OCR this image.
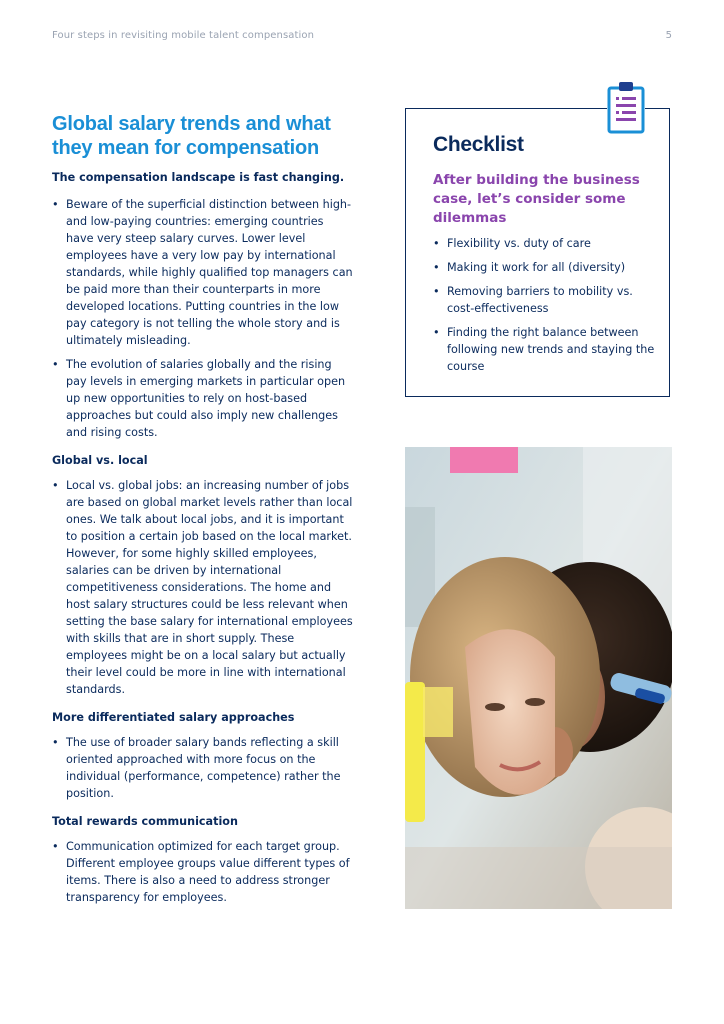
Four steps in revisiting mobile talent compensation	5
Global salary trends and what they mean for compensation
The compensation landscape is fast changing.
• Beware of the superficial distinction between high- and low-paying countries: emerging countries have very steep salary curves. Lower level employees have a very low pay by international standards, while highly qualified top managers can be paid more than their counterparts in more developed locations. Putting countries in the low pay category is not telling the whole story and is ultimately misleading.
• The evolution of salaries globally and the rising pay levels in emerging markets in particular open up new opportunities to rely on host-based approaches but could also imply new challenges and rising costs.
Global vs. local
• Local vs. global jobs: an increasing number of jobs are based on global market levels rather than local ones. We talk about local jobs, and it is important to position a certain job based on the local market. However, for some highly skilled employees, salaries can be driven by international competitiveness considerations. The home and host salary structures could be less relevant when setting the base salary for international employees with skills that are in short supply. These employees might be on a local salary but actually their level could be more in line with international standards.
More differentiated salary approaches
• The use of broader salary bands reflecting a skill oriented approached with more focus on the individual (performance, competence) rather the position.
Total rewards communication
• Communication optimized for each target group. Different employee groups value different types of items. There is also a need to address stronger transparency for employees.
Checklist
After building the business case, let’s consider some dilemmas
• Flexibility vs. duty of care
• Making it work for all (diversity)
• Removing barriers to mobility vs. cost-effectiveness
• Finding the right balance between following new trends and staying the course
